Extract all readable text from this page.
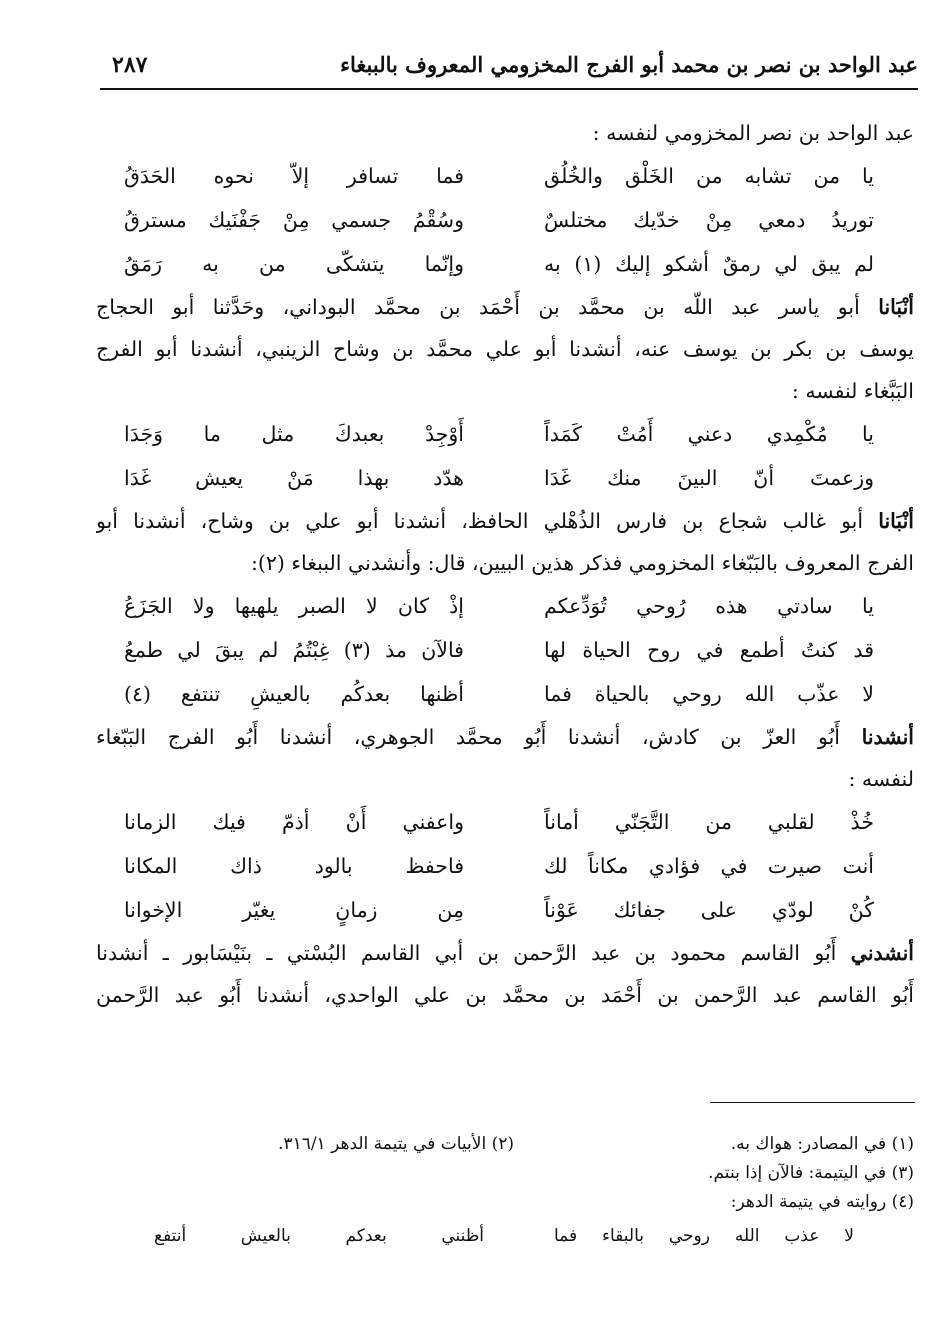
عبد الواحد بن نصر بن محمد أبو الفرج المخزومي المعروف بالببغاء
٢٨٧
عبد الواحد بن نصر المخزومي لنفسه :
يا من تشابه من الخَلْق والخُلُق
فما تسافر إلاّ نحوه الحَدَقُ
توريدُ دمعي مِنْ خدّيك مختلسٌ
وسُقْمُ جسمي مِنْ جَفْنَيك مسترقُ
لم يبق لي رمقٌ أشكو إليك (١) به
وإنّما يتشكّى من به رَمَقُ
أنْبَانا أبو ياسر عبد اللّه بن محمَّد بن أَحْمَد بن محمَّد البوداني، وحَدَّثنا أبو الحجاج
يوسف بن بكر بن يوسف عنه، أنشدنا أبو علي محمَّد بن وشاح الزينبي، أنشدنا أبو الفرج
البَبَّغاء لنفسه :
يا مُكْمِدي دعني أَمُتْ كَمَداً
أَوْجِدْ بعبدكَ مثل ما وَجَدَا
وزعمتَ أنّ البينَ منك غَدَا
هدّد بهذا مَنْ يعيش غَدَا
أنْبَانا أبو غالب شجاع بن فارس الذُهْلي الحافظ، أنشدنا أبو علي بن وشاح، أنشدنا أبو
الفرج المعروف بالبَبّغاء المخزومي فذكر هذين البيين، قال: وأنشدني الببغاء (٢):
يا سادتي هذه رُوحي تُوَدِّعكم
إذْ كان لا الصبر يلهيها ولا الجَزَعُ
قد كنتُ أطمع في روح الحياة لها
فالآن مذ (٣) غِبْتُمُ لم يبقَ لي طمعُ
لا عذّب الله روحي بالحياة فما
أظنها بعدكُم بالعيشِ تنتفع (٤)
أنشدنا أَبُو العزّ بن كادش، أنشدنا أَبُو محمَّد الجوهري، أنشدنا أَبُو الفرج البَبّغاء
لنفسه :
خُذْ لقلبي من التَّجَنّي أماناً
واعفني أَنْ أذمّ فيك الزمانا
أنت صيرت في فؤادي مكاناً لك
فاحفظ بالود ذاك المكانا
كُنْ لودّي على جفائك عَوْناً
مِن زمانٍ يغيّر الإخوانا
أنشدني أَبُو القاسم محمود بن عبد الرَّحمن بن أبي القاسم البُسْتي ـ بنَيْسَابور ـ أنشدنا
أَبُو القاسم عبد الرَّحمن بن أَحْمَد بن محمَّد بن علي الواحدي، أنشدنا أَبُو عبد الرَّحمن
(١) في المصادر: هواك به.
(٢) الأبيات في يتيمة الدهر ٣١٦/١.
(٣) في اليتيمة: فالآن إذا بنتم.
(٤) روايته في يتيمة الدهر:
لا عذب الله روحي بالبقاء فما
أظنني بعدكم بالعيش أنتفع
